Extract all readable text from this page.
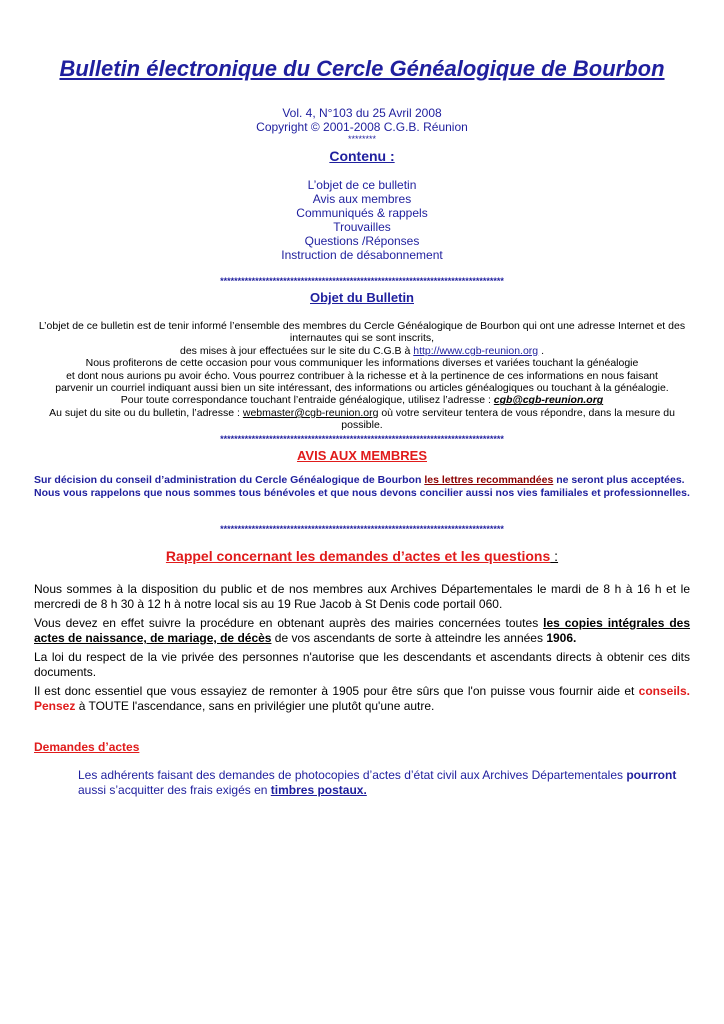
Bulletin électronique du Cercle Généalogique de Bourbon
Vol. 4, N°103 du 25 Avril 2008
Copyright © 2001-2008 C.G.B. Réunion
********
Contenu :
L’objet de ce bulletin
Avis aux membres
Communiqués & rappels
Trouvailles
Questions /Réponses
Instruction de désabonnement
*********************************************************************************
Objet du Bulletin
L’objet de ce bulletin est de tenir informé l’ensemble des membres du Cercle Généalogique de Bourbon qui ont une adresse Internet et des internautes qui se sont inscrits,
des mises à jour effectuées sur le site du C.G.B à http://www.cgb-reunion.org .
Nous profiterons de cette occasion pour vous communiquer les informations diverses et variées touchant la généalogie
et dont nous aurions pu avoir écho. Vous pourrez contribuer à la richesse et à la pertinence de ces informations en nous faisant
parvenir un courriel indiquant aussi bien un site intéressant, des informations ou articles généalogiques ou touchant à la généalogie.
Pour toute correspondance touchant l’entraide généalogique, utilisez l’adresse : cgb@cgb-reunion.org
Au sujet du site ou du bulletin, l’adresse : webmaster@cgb-reunion.org où votre serviteur tentera de vous répondre, dans la mesure du possible.
*********************************************************************************
AVIS AUX MEMBRES
Sur décision du conseil d’administration du Cercle Généalogique de Bourbon les lettres recommandées ne seront plus acceptées.
Nous vous rappelons que nous sommes tous bénévoles et que nous devons concilier aussi nos vies familiales et professionnelles.
*********************************************************************************
Rappel concernant les demandes d’actes et les questions :
Nous sommes à la disposition du public et de nos membres aux Archives Départementales le mardi de 8 h à 16 h et le mercredi de 8 h 30 à 12 h à notre local sis au 19 Rue Jacob à St Denis code portail 060.
Vous devez en effet suivre la procédure en obtenant auprès des mairies concernées toutes les copies intégrales des actes de naissance, de mariage, de décès de vos ascendants de sorte à atteindre les années 1906.
La loi du respect de la vie privée des personnes n'autorise que les descendants et ascendants directs à obtenir ces dits documents.
Il est donc essentiel que vous essayiez de remonter à 1905 pour être sûrs que l'on puisse vous fournir aide et conseils. Pensez à TOUTE l'ascendance, sans en privilégier une plutôt qu'une autre.
Demandes d’actes
Les adhérents faisant des demandes de photocopies d’actes d’état civil aux Archives Départementales pourront aussi s’acquitter des frais exigés en timbres postaux.
